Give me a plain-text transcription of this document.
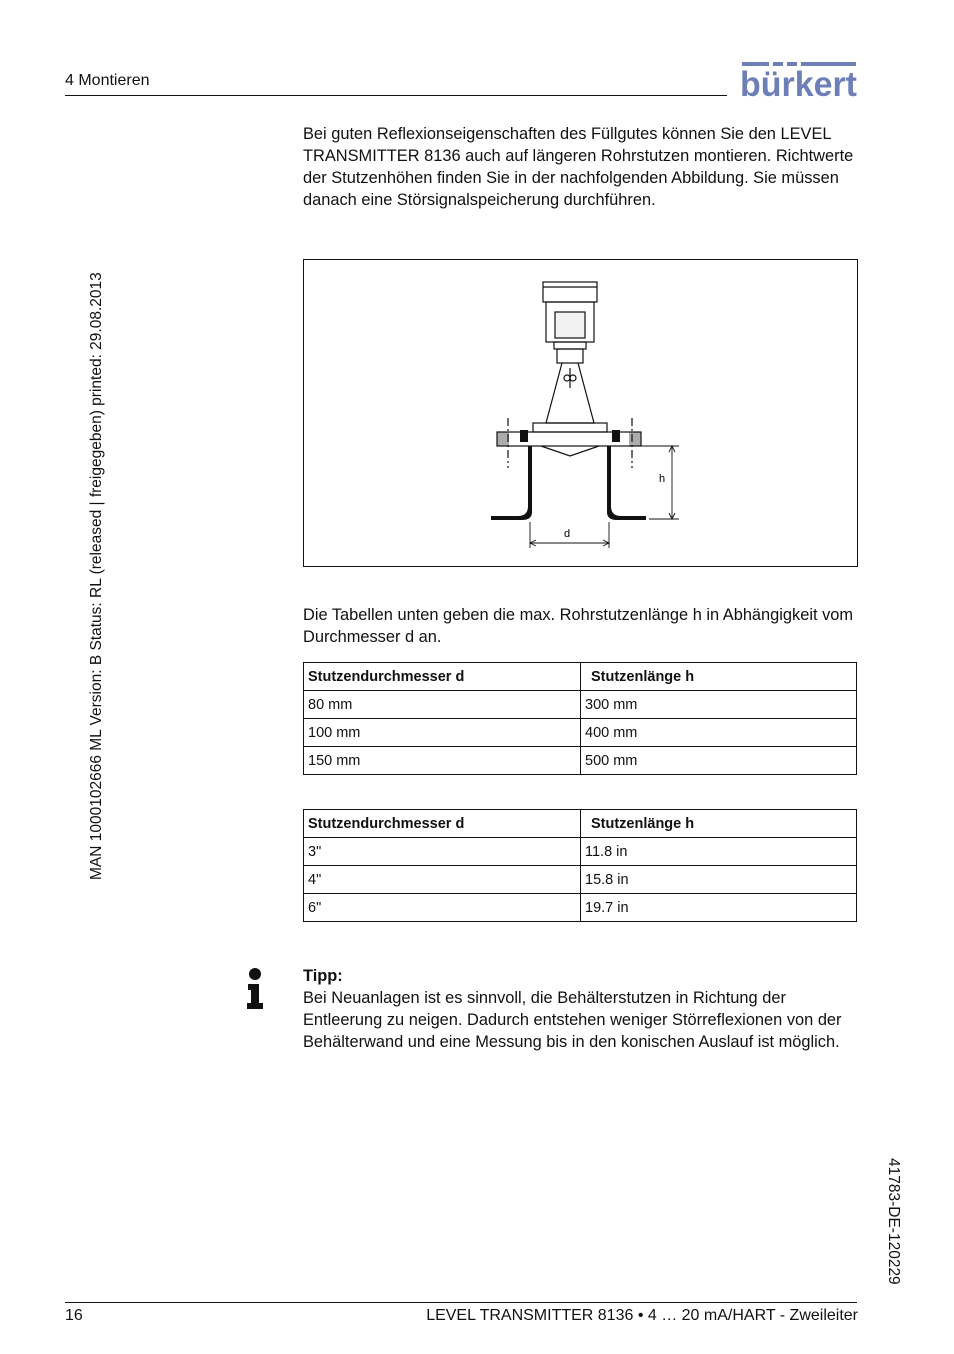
4 Montieren	bürkert
MAN 1000102666 ML Version: B Status: RL (released | freigegeben) printed: 29.08.2013
41783-DE-120229
Bei guten Reflexionseigenschaften des Füllgutes können Sie den LEVEL TRANSMITTER 8136 auch auf längeren Rohrstutzen montieren. Richtwerte der Stutzenhöhen finden Sie in der nachfolgenden Abbildung. Sie müssen danach eine Störsignalspeicherung durchführen.
h
d
Die Tabellen unten geben die max. Rohrstutzenlänge h in Abhängigkeit vom Durchmesser d an.
Stutzendurchmesser d	Stutzenlänge h
80 mm	300 mm
100 mm	400 mm
150 mm	500 mm
Stutzendurchmesser d	Stutzenlänge h
3"	11.8 in
4"	15.8 in
6"	19.7 in
Tipp:
Bei Neuanlagen ist es sinnvoll, die Behälterstutzen in Richtung der Entleerung zu neigen. Dadurch entstehen weniger Störreflexionen von der Behälterwand und eine Messung bis in den konischen Auslauf ist möglich.
16	LEVEL TRANSMITTER 8136 • 4 … 20 mA/HART - Zweileiter
